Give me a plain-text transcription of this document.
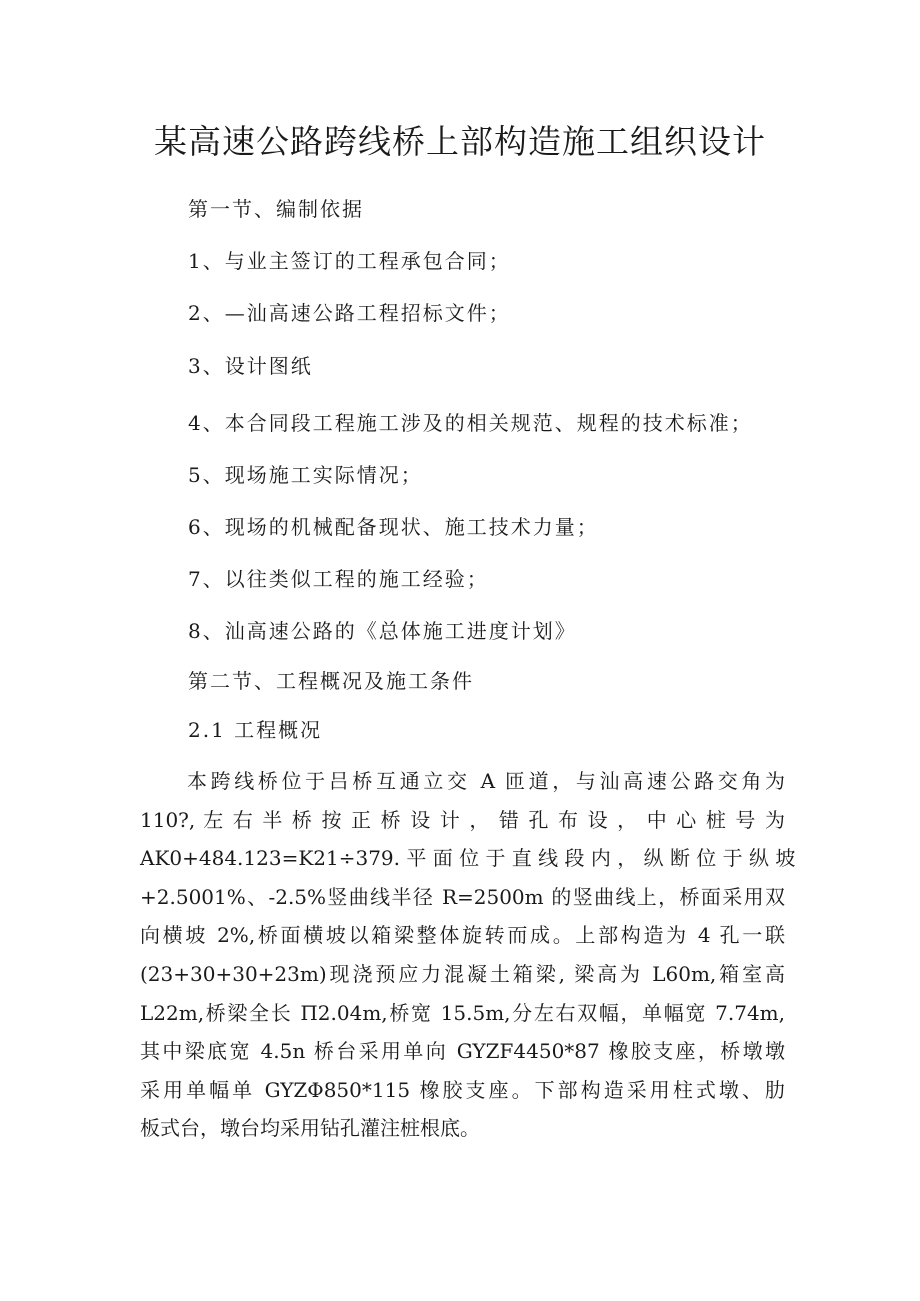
某高速公路跨线桥上部构造施工组织设计

第一节、编制依据

1、与业主签订的工程承包合同；

2、—汕高速公路工程招标文件；

3、设计图纸

4、本合同段工程施工涉及的相关规范、规程的技术标准；

5、现场施工实际情况；

6、现场的机械配备现状、施工技术力量；

7、以往类似工程的施工经验；

8、汕高速公路的《总体施工进度计划》

第二节、工程概况及施工条件

2.1 工程概况

本跨线桥位于吕桥互通立交 A 匝道，与汕高速公路交角为
110?, 左 右 半 桥 按 正 桥 设 计 ， 错 孔 布 设 ， 中 心 桩 号 为
AK0+484.123=K21÷379. 平 面 位 于 直 线 段 内 ， 纵 断 位 于 纵 坡
+2.5001%、-2.5%竖曲线半径 R=2500m 的竖曲线上，桥面采用双
向横坡 2%,桥面横坡以箱梁整体旋转而成。上部构造为 4 孔一联
(23+30+30+23m)现浇预应力混凝土箱梁, 梁高为 L60m,箱室高
L22m,桥梁全长 Π2.04m,桥宽 15.5m,分左右双幅，单幅宽 7.74m,
其中梁底宽 4.5n 桥台采用单向 GYZF4450*87 橡胶支座，桥墩墩
采用单幅单 GYZΦ850*115 橡胶支座。下部构造采用柱式墩、肋
板式台，墩台均采用钻孔灌注桩根底。
